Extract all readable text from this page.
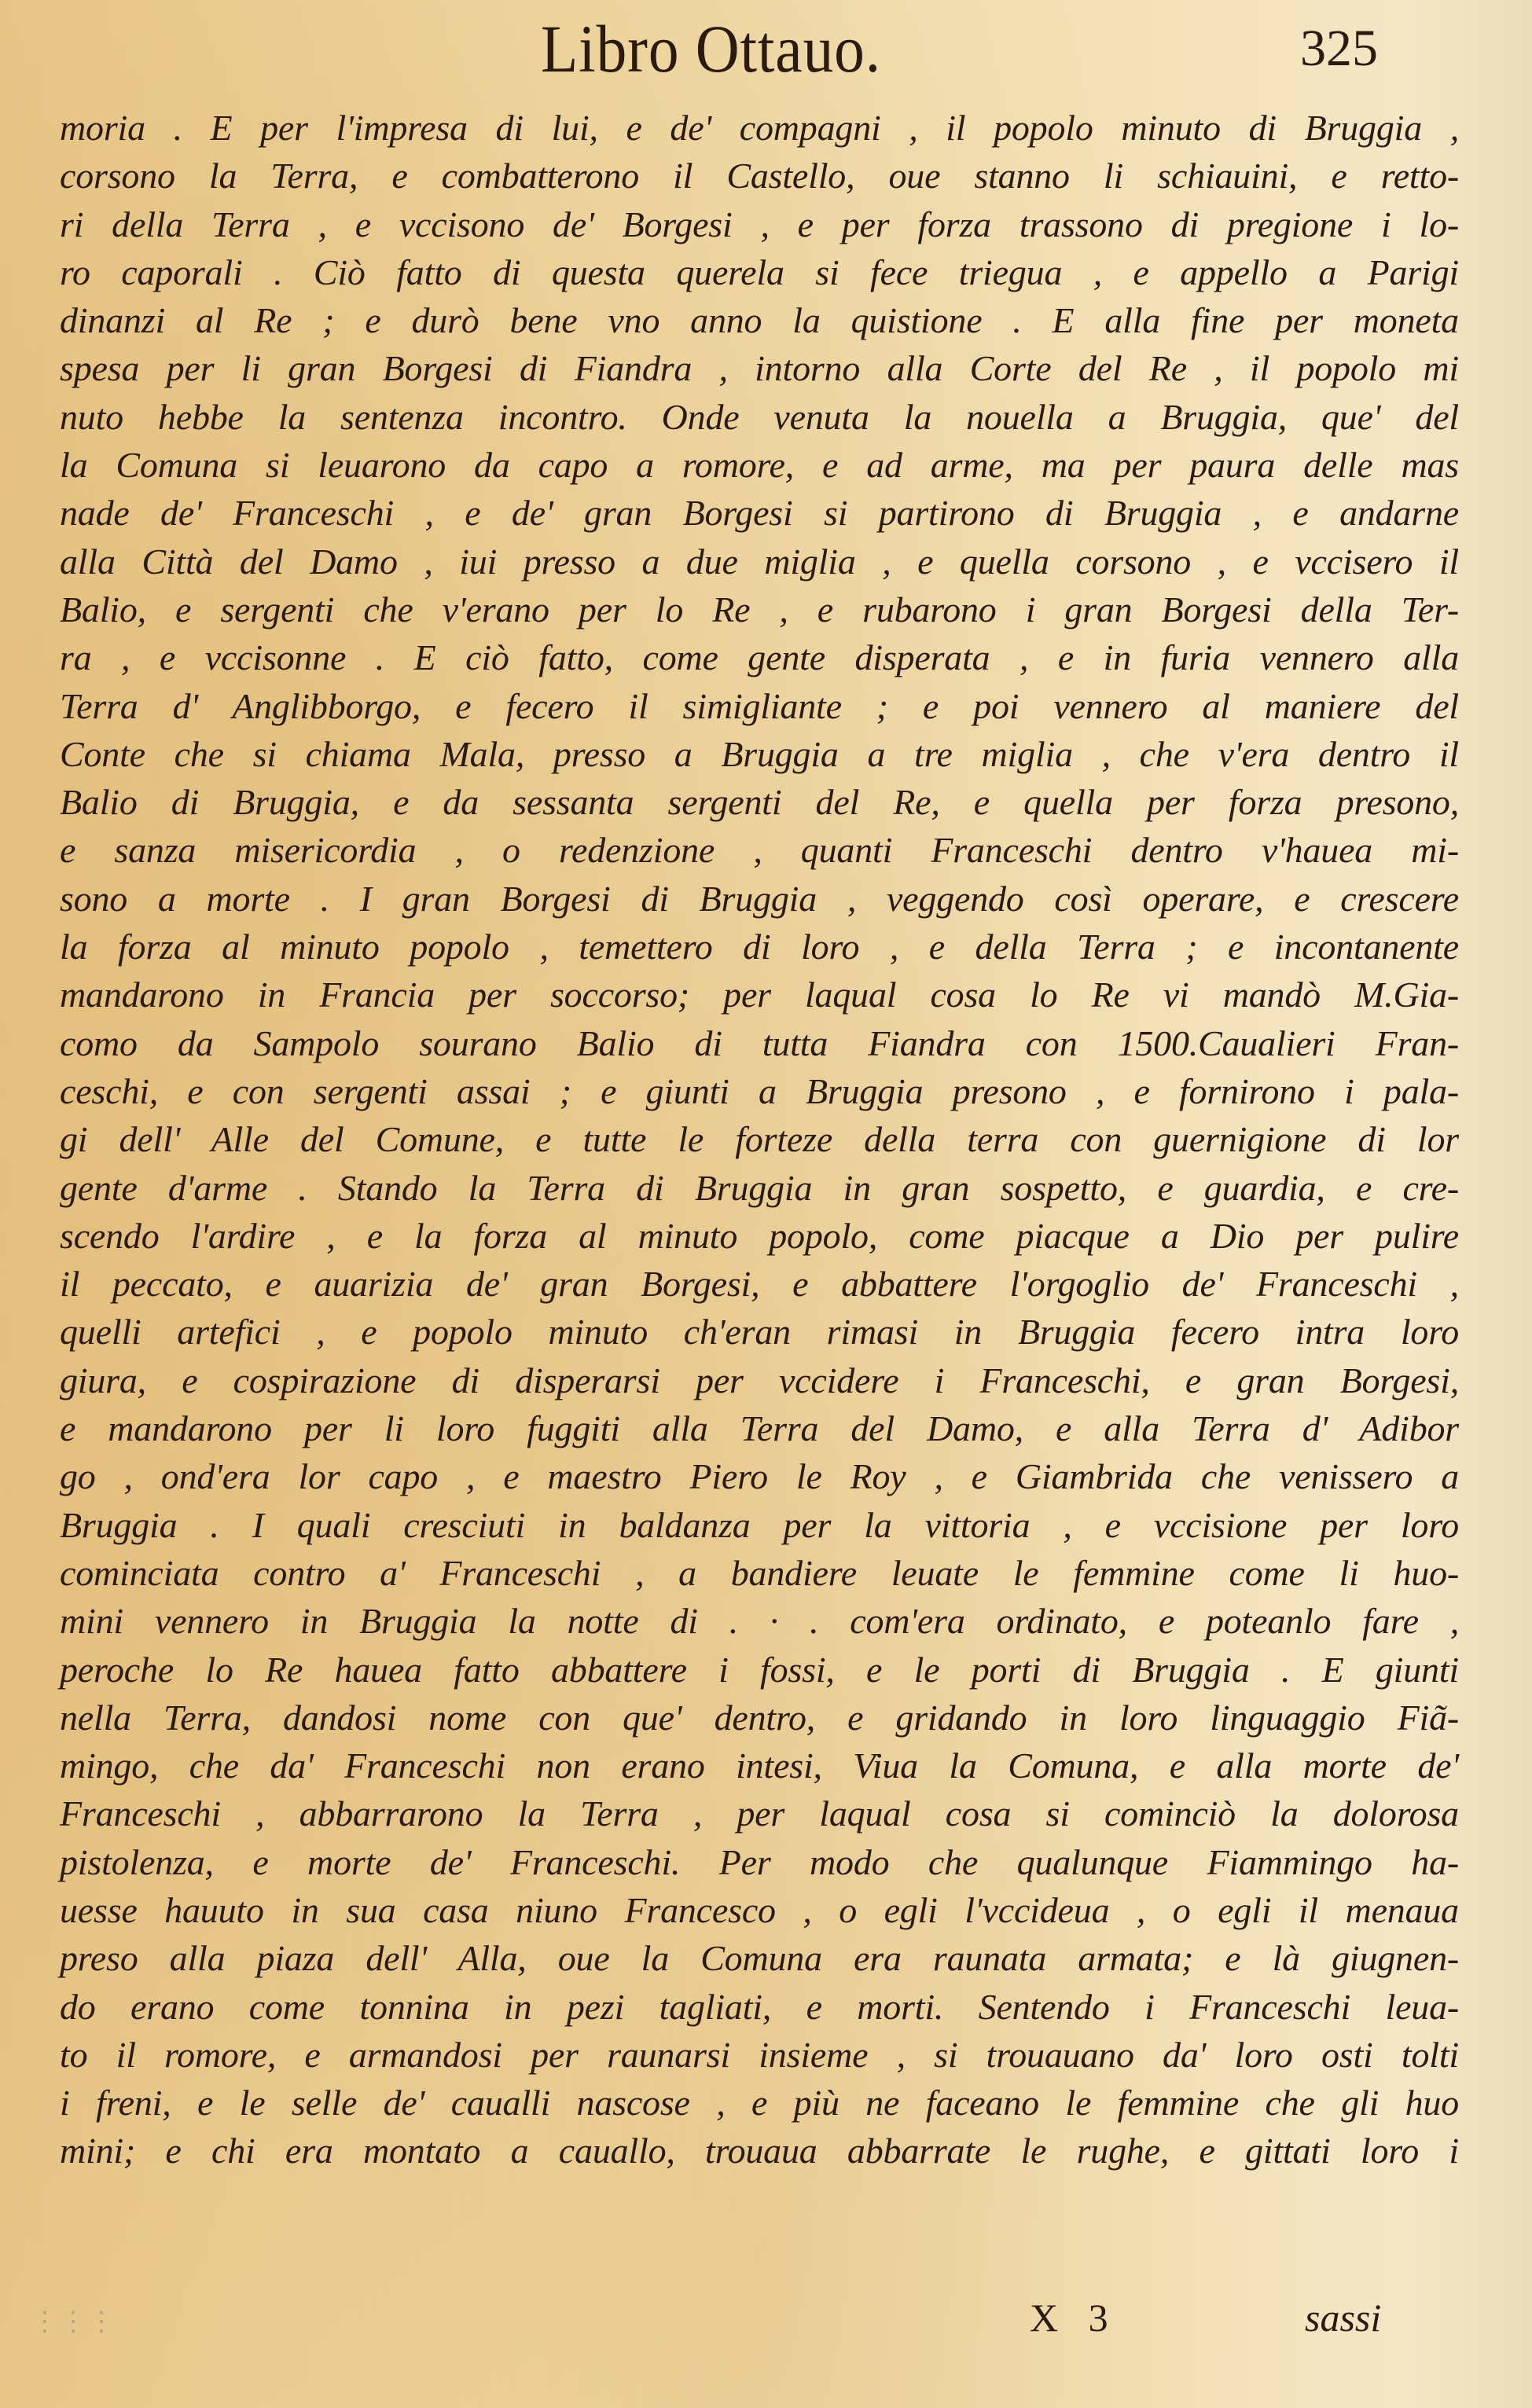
Libro Ottauo.	325
moria . E per l'impresa di lui, e de' compagni , il popolo minuto di Bruggia ,
corsono la Terra, e combatterono il Castello, oue stanno li schiauini, e retto-
ri della Terra , e vccisono de' Borgesi , e per forza trassono di pregione i lo-
ro caporali . Ciò fatto di questa querela si fece triegua , e appello a Parigi
dinanzi al Re ; e durò bene vno anno la quistione . E alla fine per moneta
spesa per li gran Borgesi di Fiandra , intorno alla Corte del Re , il popolo mi
nuto hebbe la sentenza incontro. Onde venuta la nouella a Bruggia, que' del
la Comuna si leuarono da capo a romore, e ad arme, ma per paura delle mas
nade de' Franceschi , e de' gran Borgesi si partirono di Bruggia , e andarne
alla Città del Damo , iui presso a due miglia , e quella corsono , e vccisero il
Balio, e sergenti che v'erano per lo Re , e rubarono i gran Borgesi della Ter-
ra , e vccisonne . E ciò fatto, come gente disperata , e in furia vennero alla
Terra d' Anglibborgo, e fecero il simigliante ; e poi vennero al maniere del
Conte che si chiama Mala, presso a Bruggia a tre miglia , che v'era dentro il
Balio di Bruggia, e da sessanta sergenti del Re, e quella per forza presono,
e sanza misericordia , o redenzione , quanti Franceschi dentro v'hauea mi-
sono a morte . I gran Borgesi di Bruggia , veggendo così operare, e crescere
la forza al minuto popolo , temettero di loro , e della Terra ; e incontanente
mandarono in Francia per soccorso; per laqual cosa lo Re vi mandò M.Gia-
como da Sampolo sourano Balio di tutta Fiandra con 1500.Caualieri Fran-
ceschi, e con sergenti assai ; e giunti a Bruggia presono , e fornirono i pala-
gi dell' Alle del Comune, e tutte le forteze della terra con guernigione di lor
gente d'arme . Stando la Terra di Bruggia in gran sospetto, e guardia, e cre-
scendo l'ardire , e la forza al minuto popolo, come piacque a Dio per pulire
il peccato, e auarizia de' gran Borgesi, e abbattere l'orgoglio de' Franceschi ,
quelli artefici , e popolo minuto ch'eran rimasi in Bruggia fecero intra loro
giura, e cospirazione di disperarsi per vccidere i Franceschi, e gran Borgesi,
e mandarono per li loro fuggiti alla Terra del Damo, e alla Terra d' Adibor
go , ond'era lor capo , e maestro Piero le Roy , e Giambrida che venissero a
Bruggia . I quali cresciuti in baldanza per la vittoria , e vccisione per loro
cominciata contro a' Franceschi , a bandiere leuate le femmine come li huo-
mini vennero in Bruggia la notte di . · . com'era ordinato, e poteanlo fare ,
peroche lo Re hauea fatto abbattere i fossi, e le porti di Bruggia . E giunti
nella Terra, dandosi nome con que' dentro, e gridando in loro linguaggio Fiã-
mingo, che da' Franceschi non erano intesi, Viua la Comuna, e alla morte de'
Franceschi , abbarrarono la Terra , per laqual cosa si cominciò la dolorosa
pistolenza, e morte de' Franceschi. Per modo che qualunque Fiammingo ha-
uesse hauuto in sua casa niuno Francesco , o egli l'vccideua , o egli il menaua
preso alla piaza dell' Alla, oue la Comuna era raunata armata; e là giugnen-
do erano come tonnina in pezi tagliati, e morti. Sentendo i Franceschi leua-
to il romore, e armandosi per raunarsi insieme , si trouauano da' loro osti tolti
i freni, e le selle de' caualli nascose , e più ne faceano le femmine che gli huo
mini; e chi era montato a cauallo, trouaua abbarrate le rughe, e gittati loro i
⋮⋮⋮	X 3	sassi
